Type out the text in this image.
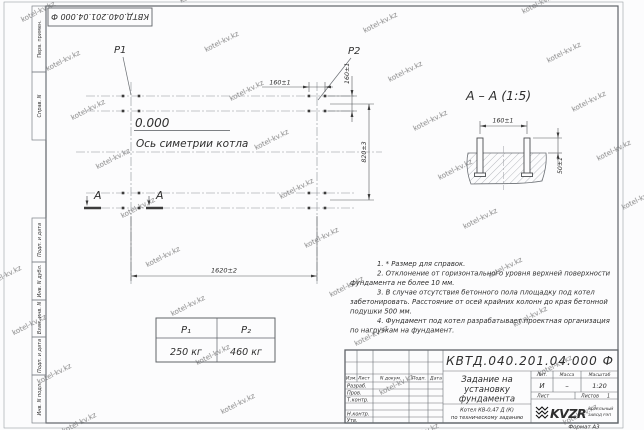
Перв. примен.
Справ. N
Подп. и дата
Инв. N дубл.
Взам. инв. N
Подп. и дата
Инв. N подл.
КВТД.040.201.04.000 Ф
P1	P2
0.000
Ось симетрии котла
160±1	160±1
820±3
1620±2
А	А
А – А (1:5)
160±1
50±1
1. * Размер для справок.
2. Отклонение от горизонтального уровня верхней поверхности
фундамента не более 10 мм.
3. В случае отсутствия бетонного пола площадку под котел
забетонировать. Расстояние от осей крайних колонн до края бетонной
подушки 500 мм.
4. Фундамент под котел разрабатывает проектная организация
по нагрузкам на фундамент.
P₁	P₂
250 кг	460 кг
Изм. Лист N докум. Подп. Дата
Разраб.
Пров.
Т.контр.
Н.контр.
Утв.
КВТД.040.201.04.000 Ф
Задание на
установку
фундамента
Котел КВ-0,47 Д (К)
по техническому заданию
Лит.	Масса	Масштаб
И	–	1:20
Лист	Листов 1
KVZR КОТЕЛЬНЫЙ
ЗАВОД РЭП
Формат А3
